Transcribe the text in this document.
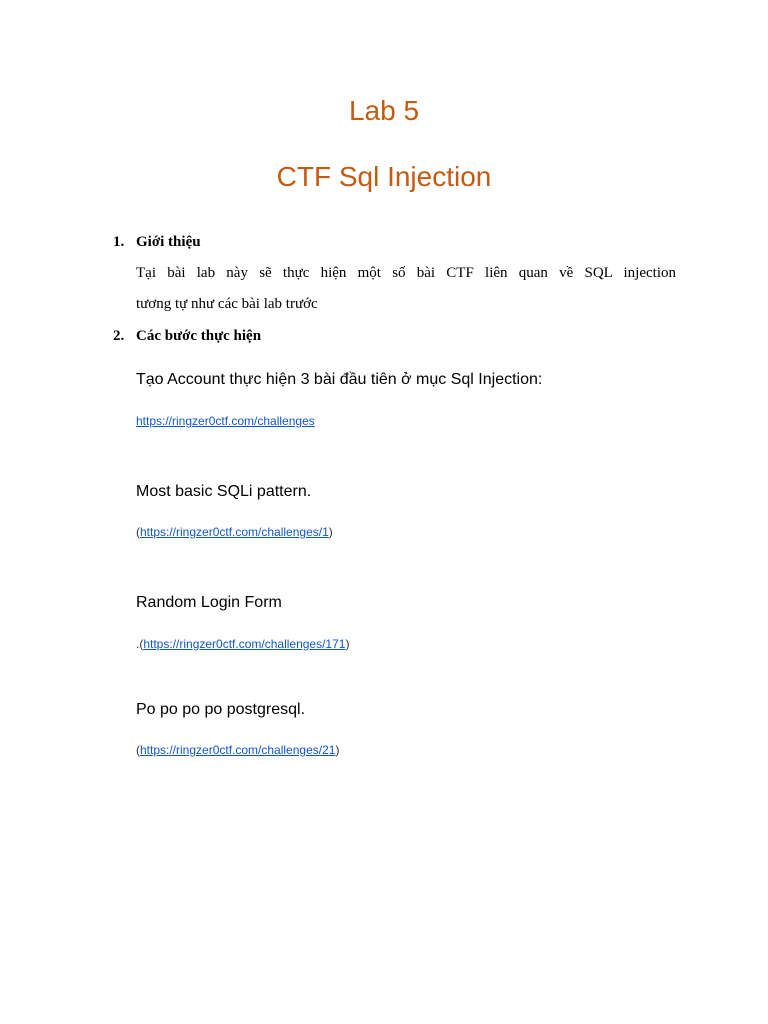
Lab 5
CTF Sql Injection
1. Giới thiệu
Tại bài lab này sẽ thực hiện một số bài CTF liên quan về SQL injection
tương tự như các bài lab trước
2. Các bước thực hiện
Tạo Account thực hiện 3 bài đầu tiên ở mục Sql Injection:
https://ringzer0ctf.com/challenges
Most basic SQLi pattern.
(https://ringzer0ctf.com/challenges/1)
Random Login Form
.(https://ringzer0ctf.com/challenges/171)
Po po po po postgresql.
(https://ringzer0ctf.com/challenges/21)
